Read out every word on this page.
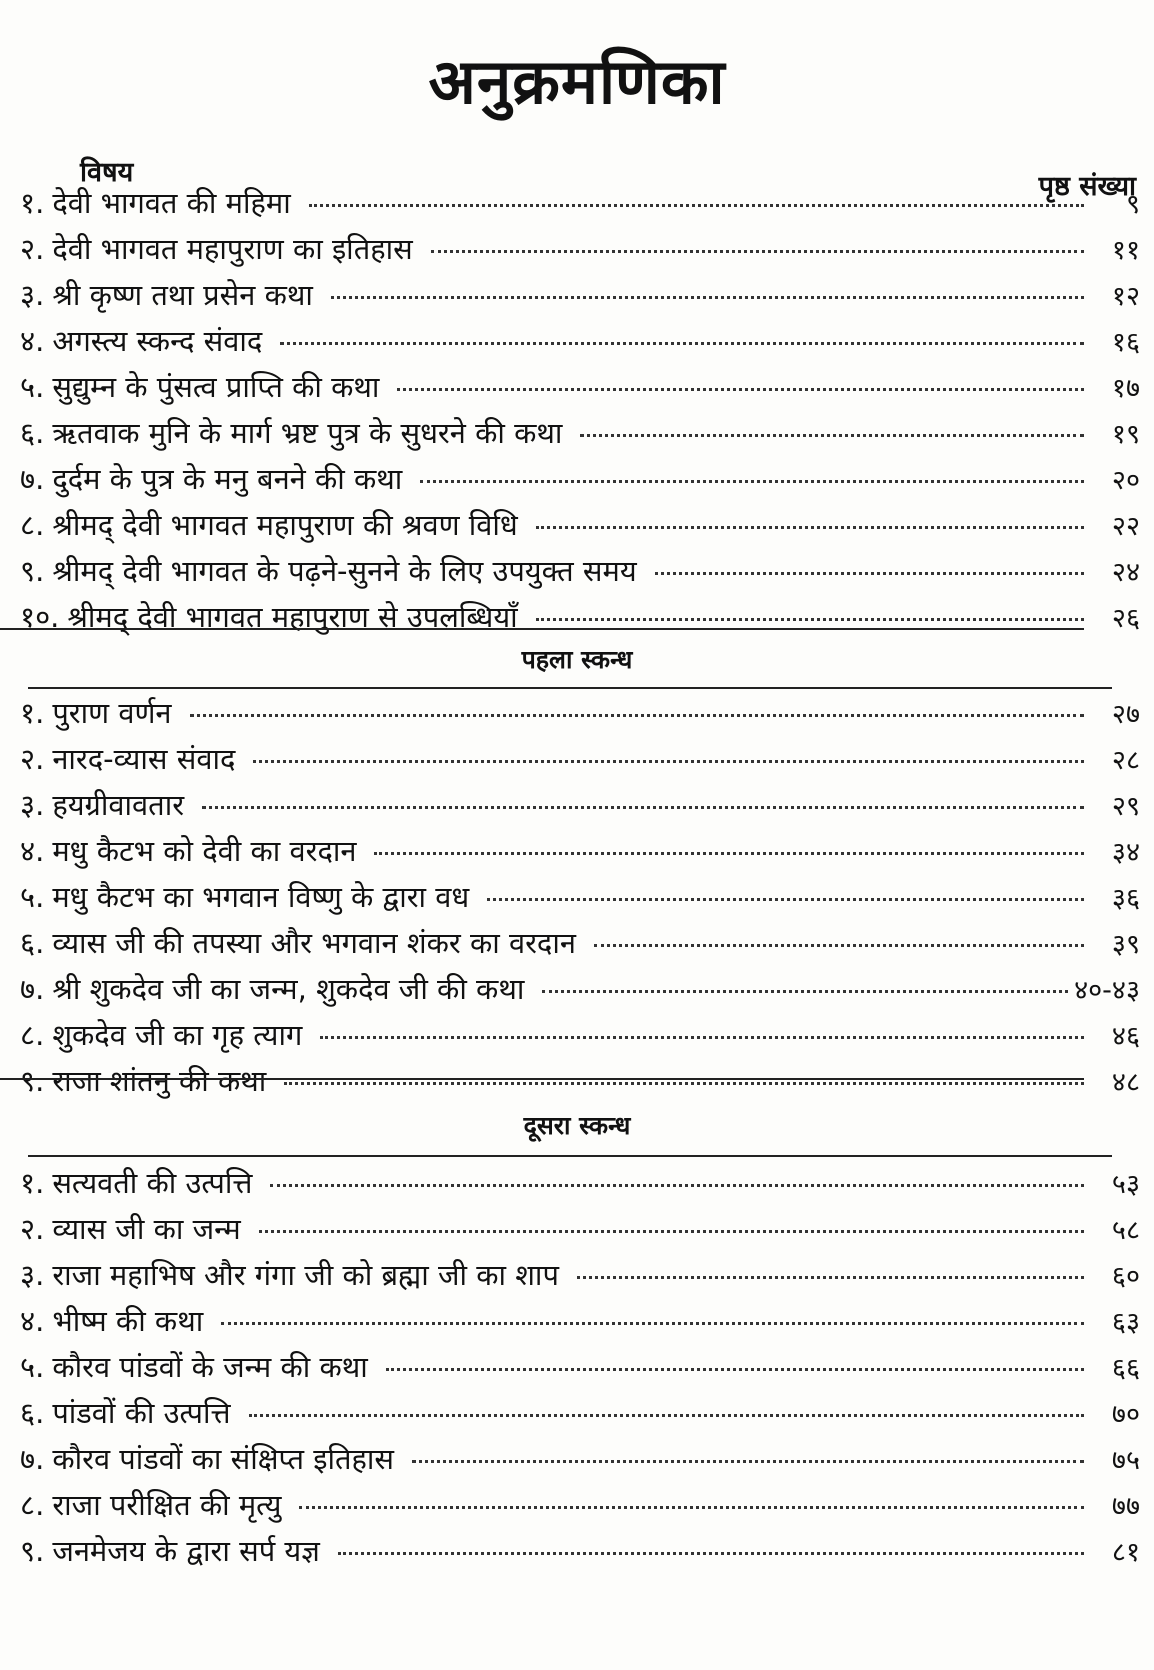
अनुक्रमणिका
विषय	पृष्ठ संख्या
१. देवी भागवत की महिमा	९
२. देवी भागवत महापुराण का इतिहास	११
३. श्री कृष्ण तथा प्रसेन कथा	१२
४. अगस्त्य स्कन्द संवाद	१६
५. सुद्युम्न के पुंसत्व प्राप्ति की कथा	१७
६. ऋतवाक मुनि के मार्ग भ्रष्ट पुत्र के सुधरने की कथा	१९
७. दुर्दम के पुत्र के मनु बनने की कथा	२०
८. श्रीमद् देवी भागवत महापुराण की श्रवण विधि	२२
९. श्रीमद् देवी भागवत के पढ़ने-सुनने के लिए उपयुक्त समय	२४
१०. श्रीमद् देवी भागवत महापुराण से उपलब्धियाँ	२६
पहला स्कन्ध
१. पुराण वर्णन	२७
२. नारद-व्यास संवाद	२८
३. हयग्रीवावतार	२९
४. मधु कैटभ को देवी का वरदान	३४
५. मधु कैटभ का भगवान विष्णु के द्वारा वध	३६
६. व्यास जी की तपस्या और भगवान शंकर का वरदान	३९
७. श्री शुकदेव जी का जन्म, शुकदेव जी की कथा	४०-४३
८. शुकदेव जी का गृह त्याग	४६
९. राजा शांतनु की कथा	४८
दूसरा स्कन्ध
१. सत्यवती की उत्पत्ति	५३
२. व्यास जी का जन्म	५८
३. राजा महाभिष और गंगा जी को ब्रह्मा जी का शाप	६०
४. भीष्म की कथा	६३
५. कौरव पांडवों के जन्म की कथा	६६
६. पांडवों की उत्पत्ति	७०
७. कौरव पांडवों का संक्षिप्त इतिहास	७५
८. राजा परीक्षित की मृत्यु	७७
९. जनमेजय के द्वारा सर्प यज्ञ	८१
